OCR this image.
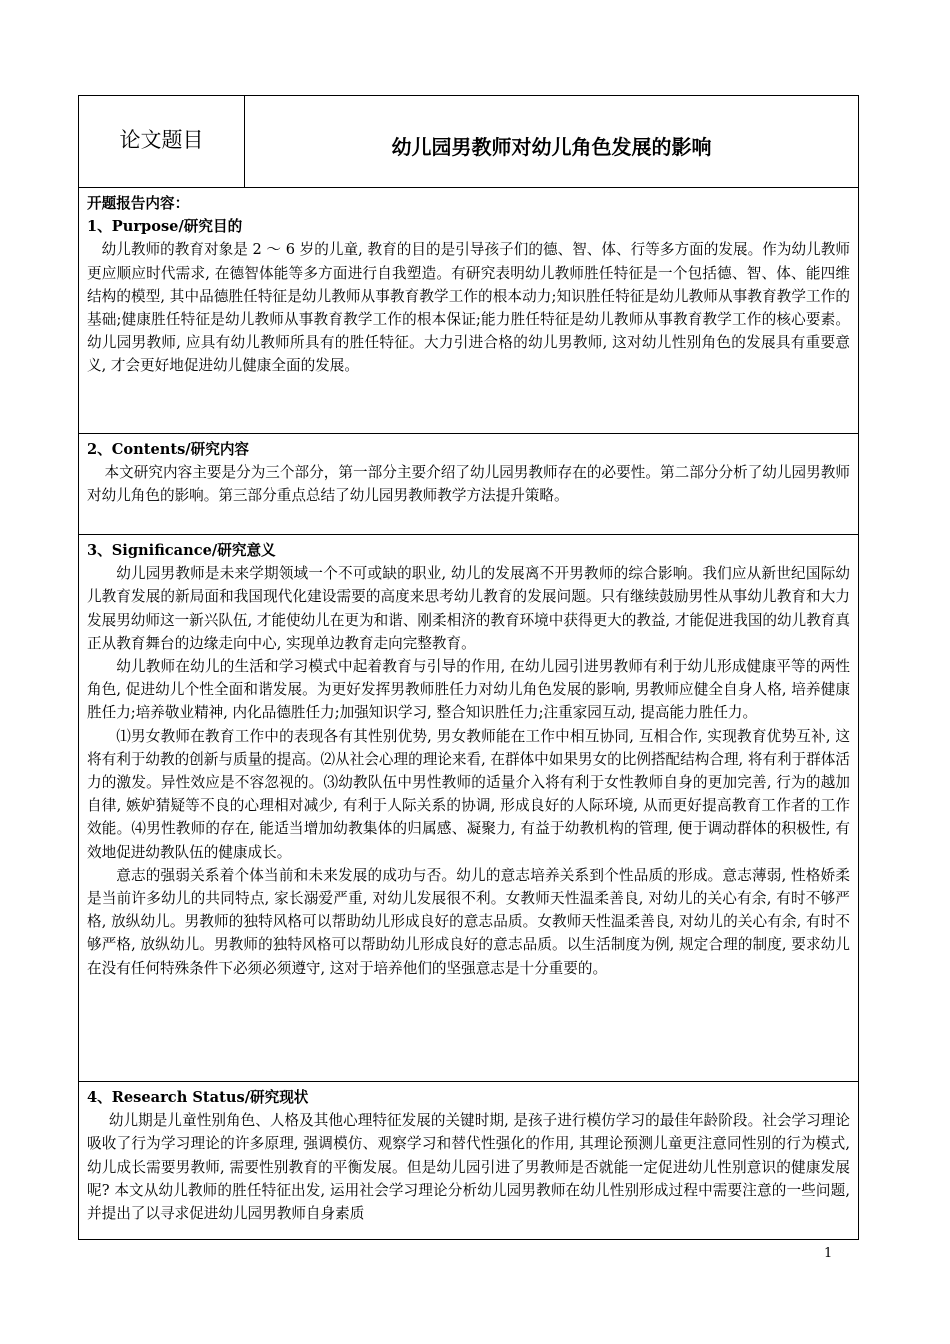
论文题目	幼儿园男教师对幼儿角色发展的影响
开题报告内容：
1、Purpose/研究目的

幼儿教师的教育对象是 2 ～ 6 岁的儿童, 教育的目的是引导孩子们的德、智、体、行等多方面的发展。作为幼儿教师更应顺应时代需求, 在德智体能等多方面进行自我塑造。有研究表明幼儿教师胜任特征是一个包括德、智、体、能四维结构的模型, 其中品德胜任特征是幼儿教师从事教育教学工作的根本动力;知识胜任特征是幼儿教师从事教育教学工作的基础;健康胜任特征是幼儿教师从事教育教学工作的根本保证;能力胜任特征是幼儿教师从事教育教学工作的核心要素。幼儿园男教师, 应具有幼儿教师所具有的胜任特征。大力引进合格的幼儿男教师, 这对幼儿性别角色的发展具有重要意义, 才会更好地促进幼儿健康全面的发展。

2、Contents/研究内容

本文研究内容主要是分为三个部分，第一部分主要介绍了幼儿园男教师存在的必要性。第二部分分析了幼儿园男教师对幼儿角色的影响。第三部分重点总结了幼儿园男教师教学方法提升策略。

3、Significance/研究意义

幼儿园男教师是未来学期领域一个不可或缺的职业, 幼儿的发展离不开男教师的综合影响。我们应从新世纪国际幼儿教育发展的新局面和我国现代化建设需要的高度来思考幼儿教育的发展问题。只有继续鼓励男性从事幼儿教育和大力发展男幼师这一新兴队伍, 才能使幼儿在更为和谐、刚柔相济的教育环境中获得更大的教益, 才能促进我国的幼儿教育真正从教育舞台的边缘走向中心, 实现单边教育走向完整教育。

幼儿教师在幼儿的生活和学习模式中起着教育与引导的作用, 在幼儿园引进男教师有利于幼儿形成健康平等的两性角色, 促进幼儿个性全面和谐发展。为更好发挥男教师胜任力对幼儿角色发展的影响, 男教师应健全自身人格, 培养健康胜任力;培养敬业精神, 内化品德胜任力;加强知识学习, 整合知识胜任力;注重家园互动, 提高能力胜任力。

⑴男女教师在教育工作中的表现各有其性别优势, 男女教师能在工作中相互协同, 互相合作, 实现教育优势互补, 这将有利于幼教的创新与质量的提高。⑵从社会心理的理论来看, 在群体中如果男女的比例搭配结构合理, 将有利于群体活力的激发。异性效应是不容忽视的。⑶幼教队伍中男性教师的适量介入将有利于女性教师自身的更加完善, 行为的越加自律, 嫉妒猜疑等不良的心理相对减少, 有利于人际关系的协调, 形成良好的人际环境, 从而更好提高教育工作者的工作效能。⑷男性教师的存在, 能适当增加幼教集体的归属感、凝聚力, 有益于幼教机构的管理, 便于调动群体的积极性, 有效地促进幼教队伍的健康成长。

意志的强弱关系着个体当前和未来发展的成功与否。幼儿的意志培养关系到个性品质的形成。意志薄弱, 性格娇柔是当前许多幼儿的共同特点, 家长溺爱严重, 对幼儿发展很不利。女教师天性温柔善良, 对幼儿的关心有余, 有时不够严格, 放纵幼儿。男教师的独特风格可以帮助幼儿形成良好的意志品质。女教师天性温柔善良, 对幼儿的关心有余, 有时不够严格, 放纵幼儿。男教师的独特风格可以帮助幼儿形成良好的意志品质。以生活制度为例, 规定合理的制度, 要求幼儿在没有任何特殊条件下必须必须遵守, 这对于培养他们的坚强意志是十分重要的。

4、Research Status/研究现状

幼儿期是儿童性别角色、人格及其他心理特征发展的关键时期, 是孩子进行模仿学习的最佳年龄阶段。社会学习理论吸收了行为学习理论的许多原理, 强调模仿、观察学习和替代性强化的作用, 其理论预测儿童更注意同性别的行为模式, 幼儿成长需要男教师, 需要性别教育的平衡发展。但是幼儿园引进了男教师是否就能一定促进幼儿性别意识的健康发展呢? 本文从幼儿教师的胜任特征出发, 运用社会学习理论分析幼儿园男教师在幼儿性别形成过程中需要注意的一些问题, 并提出了以寻求促进幼儿园男教师自身素质

1
